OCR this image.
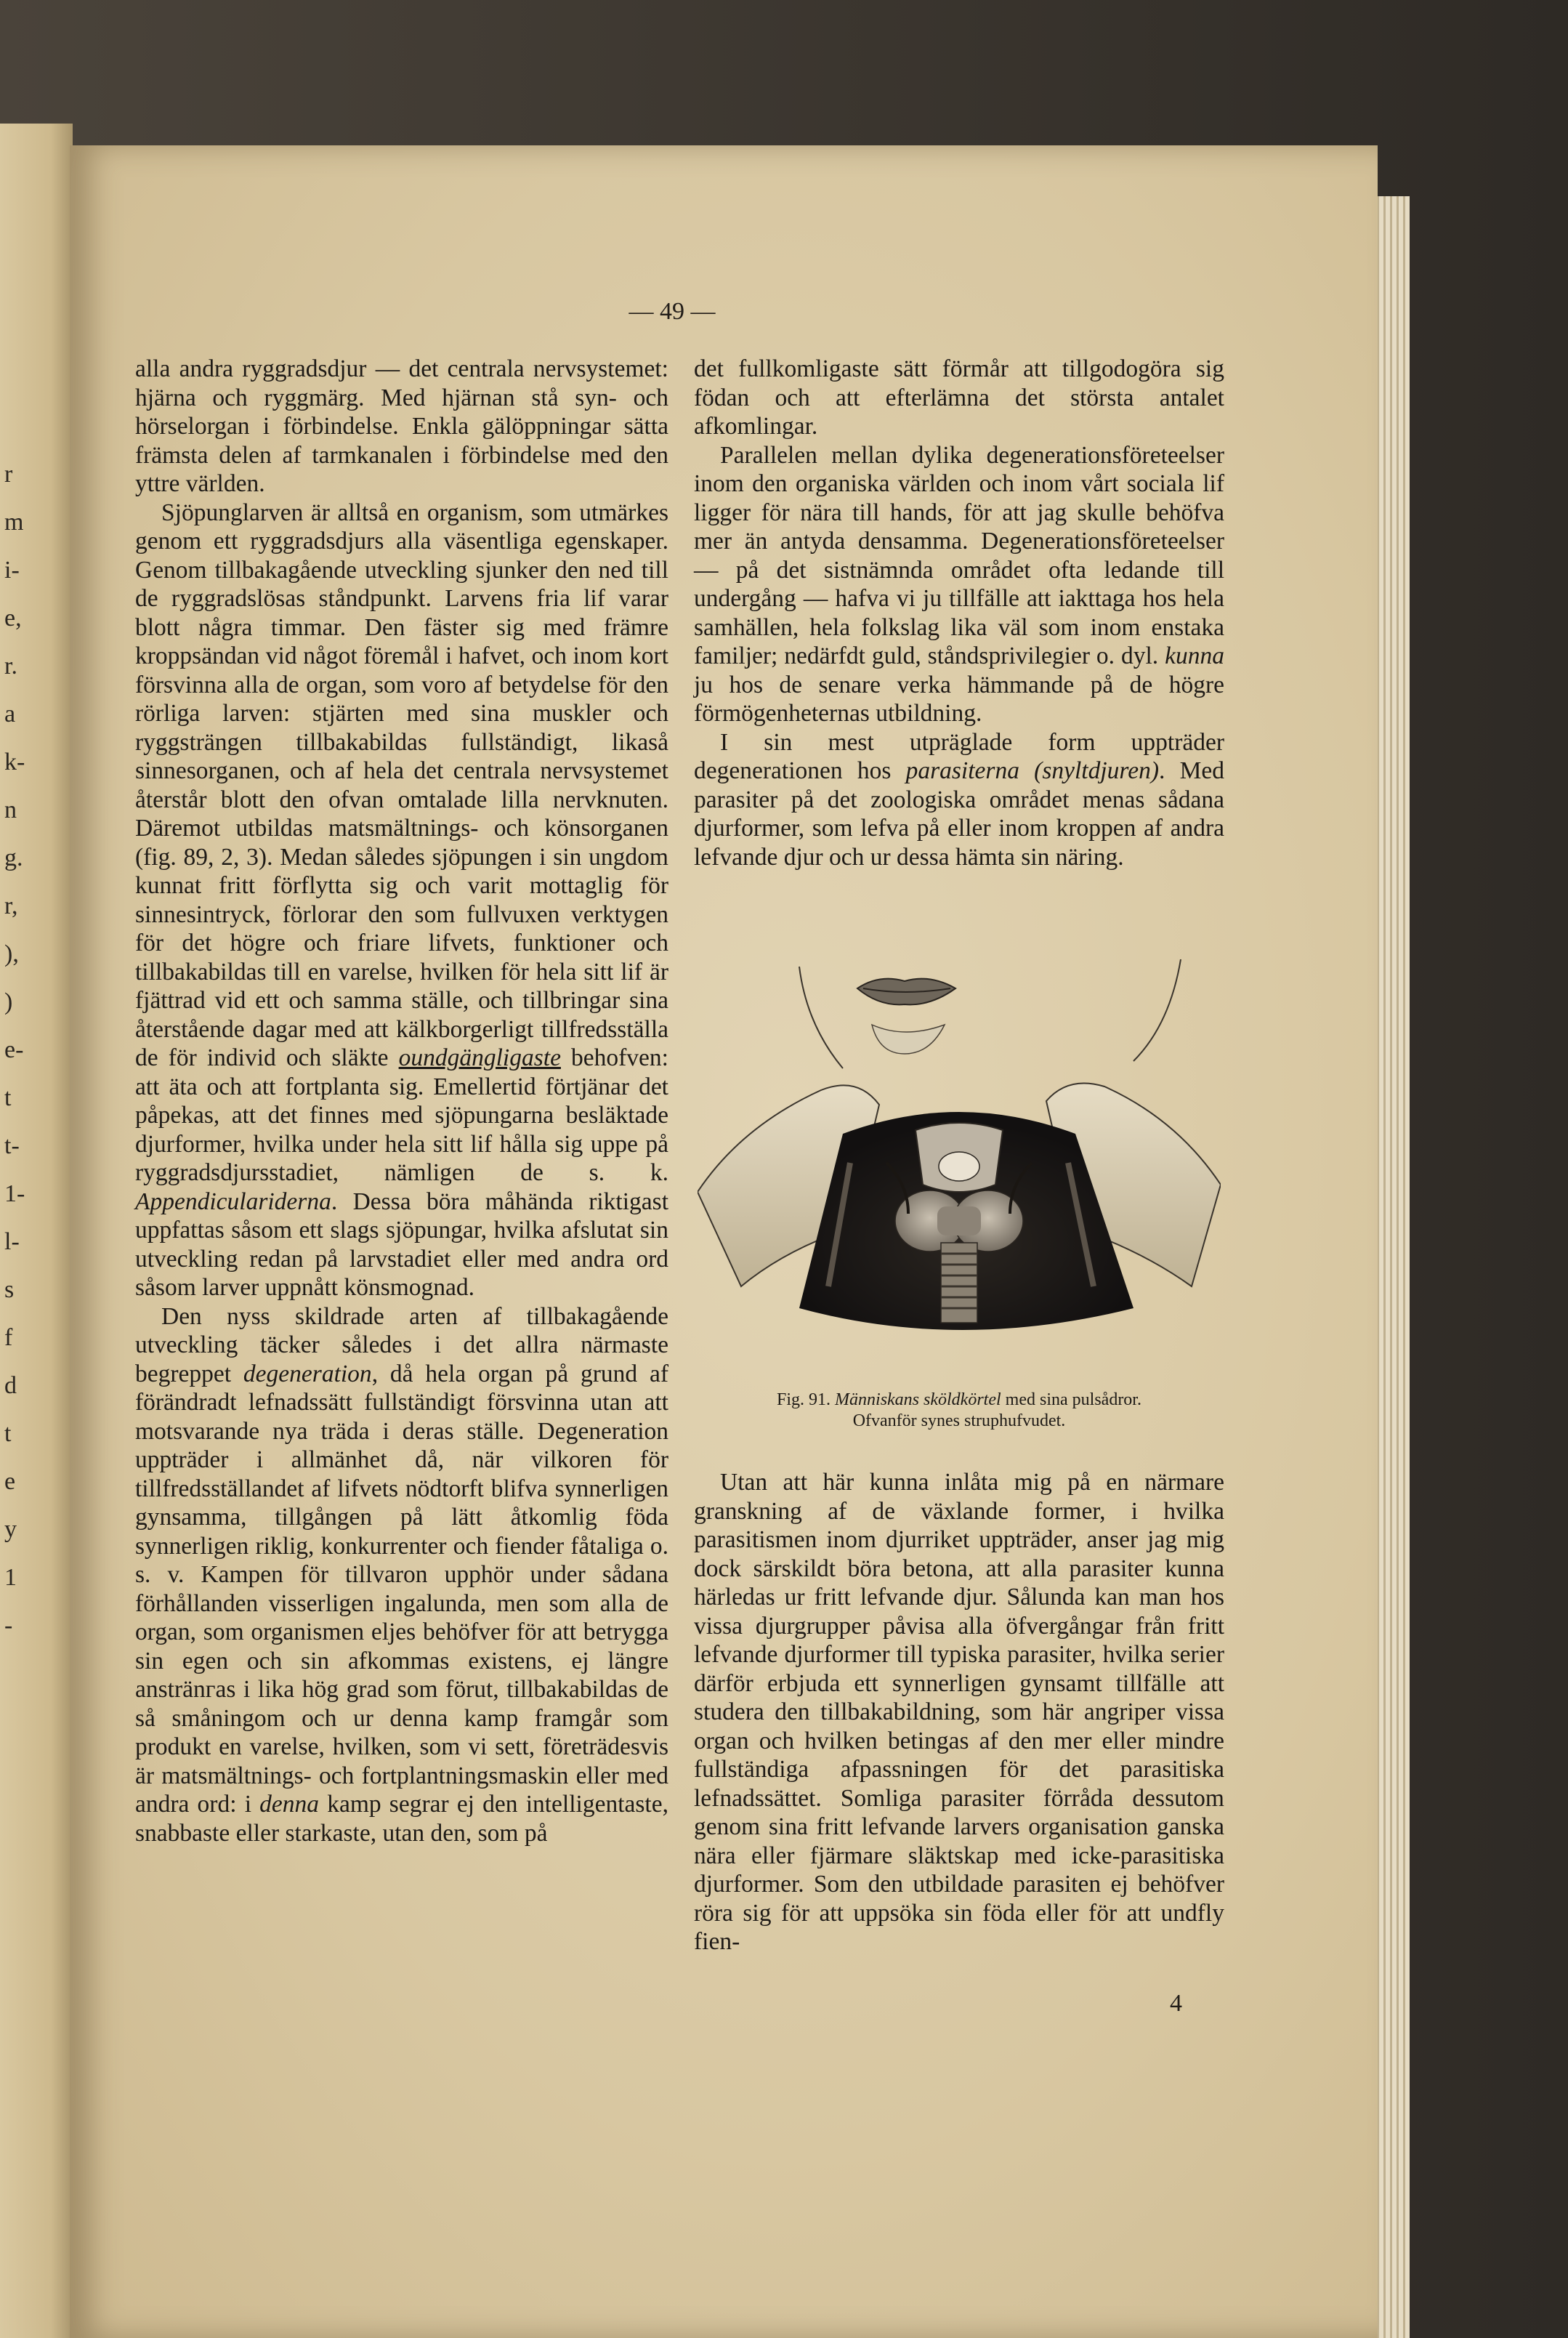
r
m
i-
e,
r.
a
k-
n
g.
r,
),
)
e-
t
t-
1-
l-
s
f
d
t
e
y
1
-
— 49 —

alla andra ryggradsdjur — det centrala nervsystemet: hjärna och ryggmärg. Med hjärnan stå syn- och hörselorgan i förbindelse. Enkla gälöppningar sätta främsta delen af tarmkanalen i förbindelse med den yttre världen.

Sjöpunglarven är alltså en organism, som utmärkes genom ett ryggradsdjurs alla väsentliga egenskaper. Genom tillbakagående utveckling sjunker den ned till de ryggradslösas ståndpunkt. Larvens fria lif varar blott några timmar. Den fäster sig med främre kroppsändan vid något föremål i hafvet, och inom kort försvinna alla de organ, som voro af betydelse för den rörliga larven: stjärten med sina muskler och ryggsträngen tillbakabildas fullständigt, likaså sinnesorganen, och af hela det centrala nervsystemet återstår blott den ofvan omtalade lilla nervknuten. Däremot utbildas matsmältnings- och könsorganen (fig. 89, 2, 3). Medan således sjöpungen i sin ungdom kunnat fritt förflytta sig och varit mottaglig för sinnesintryck, förlorar den som fullvuxen verktygen för det högre och friare lifvets, funktioner och tillbakabildas till en varelse, hvilken för hela sitt lif är fjättrad vid ett och samma ställe, och tillbringar sina återstående dagar med att kälkborgerligt tillfredsställa de för individ och släkte oundgängligaste behofven: att äta och att fortplanta sig. Emellertid förtjänar det påpekas, att det finnes med sjöpungarna besläktade djurformer, hvilka under hela sitt lif hålla sig uppe på ryggradsdjursstadiet, nämligen de s. k. Appendiculariderna. Dessa böra måhända riktigast uppfattas såsom ett slags sjöpungar, hvilka afslutat sin utveckling redan på larvstadiet eller med andra ord såsom larver uppnått könsmognad.

Den nyss skildrade arten af tillbakagående utveckling täcker således i det allra närmaste begreppet degeneration, då hela organ på grund af förändradt lefnadssätt fullständigt försvinna utan att motsvarande nya träda i deras ställe. Degeneration uppträder i allmänhet då, när vilkoren för tillfredsställandet af lifvets nödtorft blifva synnerligen gynsamma, tillgången på lätt åtkomlig föda synnerligen riklig, konkurrenter och fiender fåtaliga o. s. v. Kampen för tillvaron upphör under sådana förhållanden visserligen ingalunda, men som alla de organ, som organismen eljes behöfver för att betrygga sin egen och sin afkommas existens, ej längre anstränгas i lika hög grad som förut, tillbakabildas de så småningom och ur denna kamp framgår som produkt en varelse, hvilken, som vi sett, företrädesvis är matsmältnings- och fortplantningsmaskin eller med andra ord: i denna kamp segrar ej den intelligentaste, snabbaste eller starkaste, utan den, som på

det fullkomligaste sätt förmår att tillgodogöra sig födan och att efterlämna det största antalet afkomlingar.

Parallelen mellan dylika degenerationsföreteelser inom den organiska världen och inom vårt sociala lif ligger för nära till hands, för att jag skulle behöfva mer än antyda densamma. Degenerationsföreteelser — på det sistnämnda området ofta ledande till undergång — hafva vi ju tillfälle att iakttaga hos hela samhällen, hela folkslag lika väl som inom enstaka familjer; nedärfdt guld, ståndsprivilegier o. dyl. kunna ju hos de senare verka hämmande på de högre förmögenheternas utbildning.

I sin mest utpräglade form uppträder degenerationen hos parasiterna (snyltdjuren). Med parasiter på det zoologiska området menas sådana djurformer, som lefva på eller inom kroppen af andra lefvande djur och ur dessa hämta sin näring.

Fig. 91. Människans sköldkörtel med sina pulsådror.
Ofvanför synes struphufvudet.

Utan att här kunna inlåta mig på en närmare granskning af de växlande former, i hvilka parasitismen inom djurriket uppträder, anser jag mig dock särskildt böra betona, att alla parasiter kunna härledas ur fritt lefvande djur. Sålunda kan man hos vissa djurgrupper påvisa alla öfvergångar från fritt lefvande djurformer till typiska parasiter, hvilka serier därför erbjuda ett synnerligen gynsamt tillfälle att studera den tillbakabildning, som här angriper vissa organ och hvilken betingas af den mer eller mindre fullständiga afpassningen för det parasitiska lefnadssättet. Somliga parasiter förråda dessutom genom sina fritt lefvande larvers organisation ganska nära eller fjärmare släktskap med icke-parasitiska djurformer. Som den utbildade parasiten ej behöfver röra sig för att uppsöka sin föda eller för att undfly fien-

4
